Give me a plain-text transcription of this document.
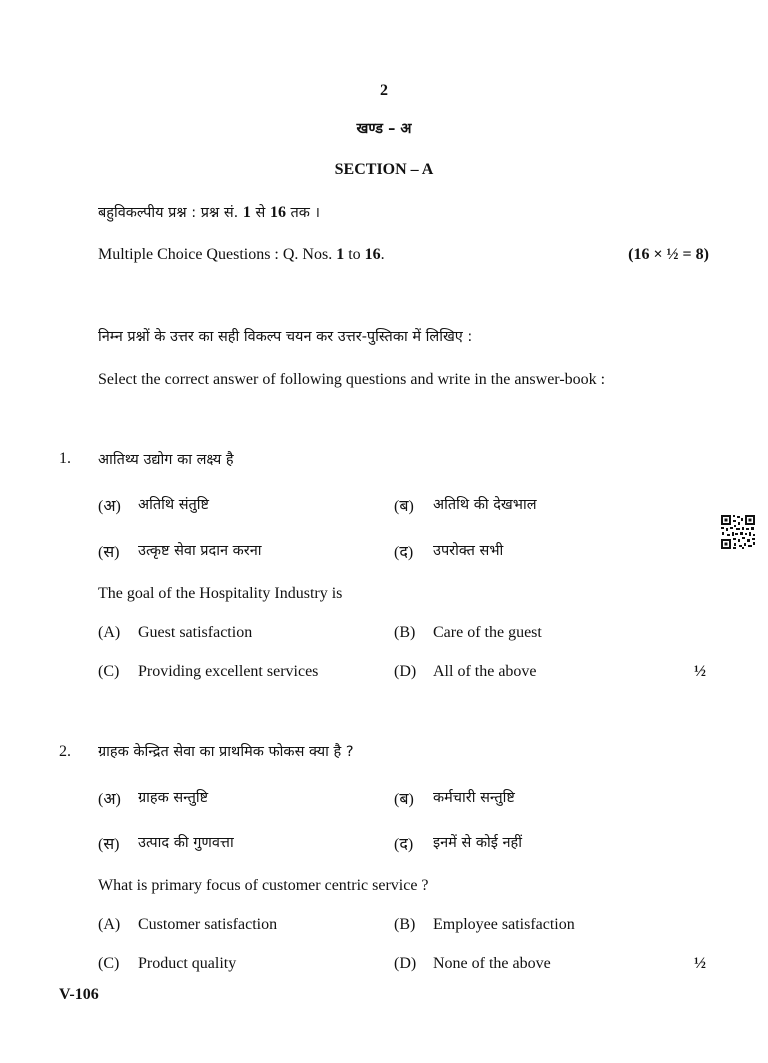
2
खण्ड – अ
SECTION – A
बहुविकल्पीय प्रश्न : प्रश्न सं. 1 से 16 तक ।
Multiple Choice Questions : Q. Nos. 1 to 16.	(16 × ½ = 8)
निम्न प्रश्नों के उत्तर का सही विकल्प चयन कर उत्तर-पुस्तिका में लिखिए :
Select the correct answer of following questions and write in the answer-book :
1. आतिथ्य उद्योग का लक्ष्य है
(अ) अतिथि संतुष्टि	(ब) अतिथि की देखभाल
(स) उत्कृष्ट सेवा प्रदान करना	(द) उपरोक्त सभी
The goal of the Hospitality Industry is
(A) Guest satisfaction	(B) Care of the guest
(C) Providing excellent services	(D) All of the above	½
2. ग्राहक केन्द्रित सेवा का प्राथमिक फोकस क्या है ?
(अ) ग्राहक सन्तुष्टि	(ब) कर्मचारी सन्तुष्टि
(स) उत्पाद की गुणवत्ता	(द) इनमें से कोई नहीं
What is primary focus of customer centric service ?
(A) Customer satisfaction	(B) Employee satisfaction
(C) Product quality	(D) None of the above	½
V-106
